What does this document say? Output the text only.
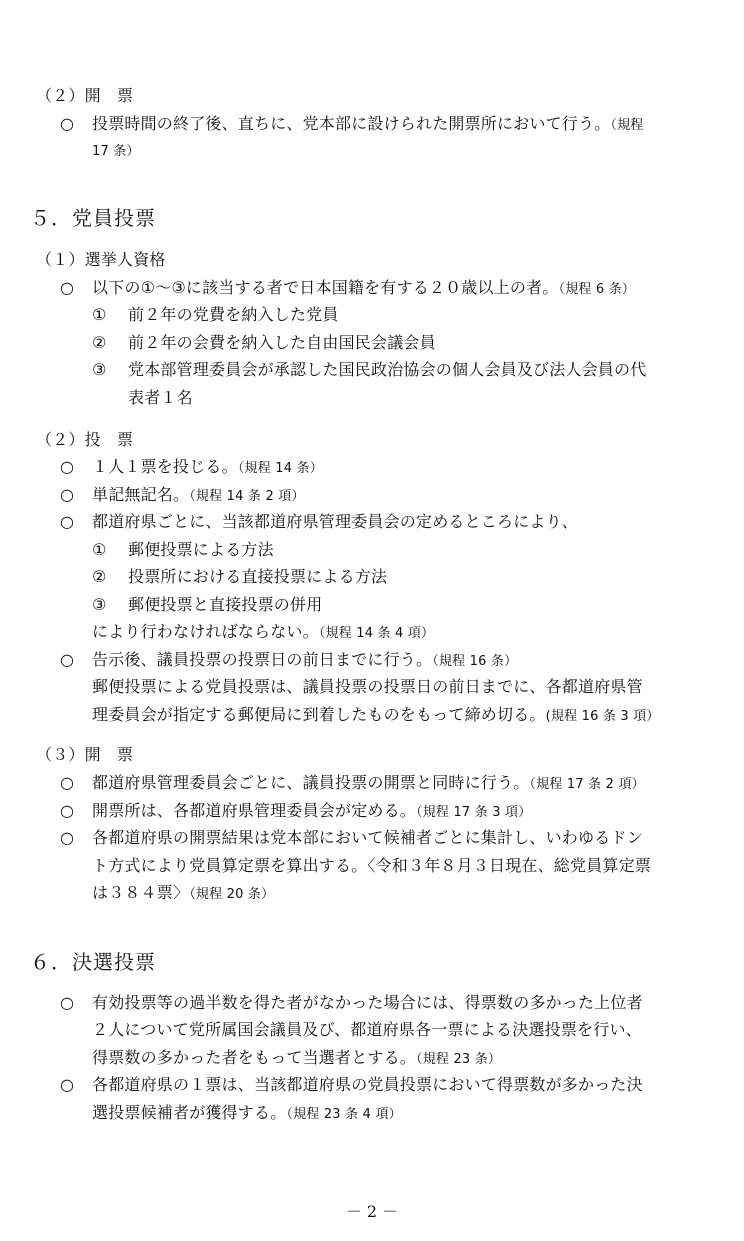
（２）開　票
○ 投票時間の終了後、直ちに、党本部に設けられた開票所において行う。（規程
17 条）
５．党員投票
（１）選挙人資格
○ 以下の①～③に該当する者で日本国籍を有する２０歳以上の者。（規程 6 条）
① 前２年の党費を納入した党員
② 前２年の会費を納入した自由国民会議会員
③ 党本部管理委員会が承認した国民政治協会の個人会員及び法人会員の代
表者１名
（２）投　票
○ １人１票を投じる。（規程 14 条）
○ 単記無記名。（規程 14 条 2 項）
○ 都道府県ごとに、当該都道府県管理委員会の定めるところにより、
① 郵便投票による方法
② 投票所における直接投票による方法
③ 郵便投票と直接投票の併用
により行わなければならない。（規程 14 条 4 項）
○ 告示後、議員投票の投票日の前日までに行う。（規程 16 条）
郵便投票による党員投票は、議員投票の投票日の前日までに、各都道府県管
理委員会が指定する郵便局に到着したものをもって締め切る。(規程 16 条 3 項）
（３）開　票
○ 都道府県管理委員会ごとに、議員投票の開票と同時に行う。（規程 17 条 2 項）
○ 開票所は、各都道府県管理委員会が定める。（規程 17 条 3 項）
○ 各都道府県の開票結果は党本部において候補者ごとに集計し、いわゆるドン
ト方式により党員算定票を算出する。〈令和３年８月３日現在、総党員算定票
は３８４票〉（規程 20 条）
６．決選投票
○ 有効投票等の過半数を得た者がなかった場合には、得票数の多かった上位者
２人について党所属国会議員及び、都道府県各一票による決選投票を行い、
得票数の多かった者をもって当選者とする。（規程 23 条）
○ 各都道府県の１票は、当該都道府県の党員投票において得票数が多かった決
選投票候補者が獲得する。（規程 23 条 4 項）
－ 2 －
